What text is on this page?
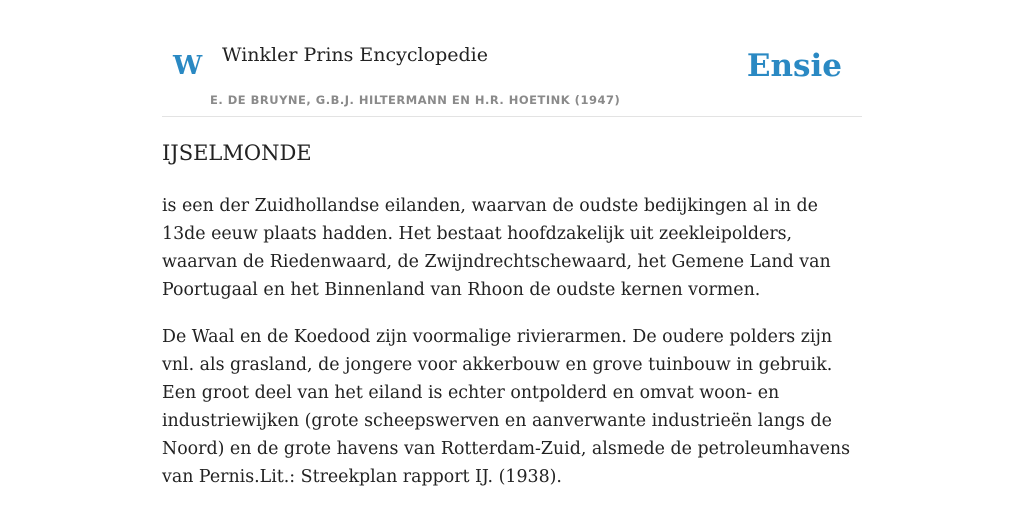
W Winkler Prins Encyclopedie
E. DE BRUYNE, G.B.J. HILTERMANN EN H.R. HOETINK (1947)
Ensie
IJSELMONDE

is een der Zuidhollandse eilanden, waarvan de oudste bedijkingen al in de 13de eeuw plaats hadden. Het bestaat hoofdzakelijk uit zeekleipolders, waarvan de Riedenwaard, de Zwijndrechtschewaard, het Gemene Land van Poortugaal en het Binnenland van Rhoon de oudste kernen vormen.

De Waal en de Koedood zijn voormalige rivierarmen. De oudere polders zijn vnl. als grasland, de jongere voor akkerbouw en grove tuinbouw in gebruik. Een groot deel van het eiland is echter ontpolderd en omvat woon- en industriewijken (grote scheepswerven en aanverwante industrieën langs de Noord) en de grote havens van Rotterdam-Zuid, alsmede de petroleumhavens van Pernis.Lit.: Streekplan rapport IJ. (1938).
